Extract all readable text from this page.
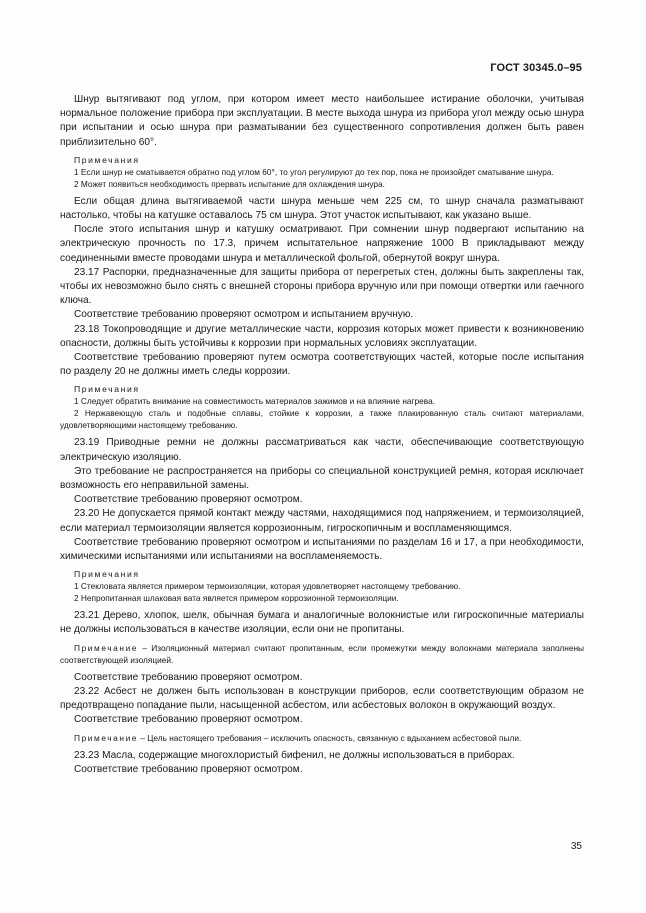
ГОСТ 30345.0–95

Шнур вытягивают под углом, при котором имеет место наибольшее истирание оболочки, учитывая нормальное положение прибора при эксплуатации. В месте выхода шнура из прибора угол между осью шнура при испытании и осью шнура при разматывании без существенного сопротивления должен быть равен приблизительно 60°.

Примечания

1 Если шнур не сматывается обратно под углом 60°, то угол регулируют до тех пор, пока не произойдет сматывание шнура.

2 Может появиться необходимость прервать испытание для охлаждения шнура.

Если общая длина вытягиваемой части шнура меньше чем 225 см, то шнур сначала разматывают настолько, чтобы на катушке оставалось 75 см шнура. Этот участок испытывают, как указано выше.

После этого испытания шнур и катушку осматривают. При сомнении шнур подвергают испытанию на электрическую прочность по 17.3, причем испытательное напряжение 1000 В прикладывают между соединенными вместе проводами шнура и металлической фольгой, обернутой вокруг шнура.

23.17 Распорки, предназначенные для защиты прибора от перегретых стен, должны быть закреплены так, чтобы их невозможно было снять с внешней стороны прибора вручную или при помощи отвертки или гаечного ключа.

Соответствие требованию проверяют осмотром и испытанием вручную.

23.18 Токопроводящие и другие металлические части, коррозия которых может привести к возникновению опасности, должны быть устойчивы к коррозии при нормальных условиях эксплуатации.

Соответствие требованию проверяют путем осмотра соответствующих частей, которые после испытания по разделу 20 не должны иметь следы коррозии.

Примечания

1 Следует обратить внимание на совместимость материалов зажимов и на влияние нагрева.

2 Нержавеющую сталь и подобные сплавы, стойкие к коррозии, а также плакированную сталь считают материалами, удовлетворяющими настоящему требованию.

23.19 Приводные ремни не должны рассматриваться как части, обеспечивающие соответствующую электрическую изоляцию.

Это требование не распространяется на приборы со специальной конструкцией ремня, которая исключает возможность его неправильной замены.

Соответствие требованию проверяют осмотром.

23.20 Не допускается прямой контакт между частями, находящимися под напряжением, и термоизоляцией, если материал термоизоляции является коррозионным, гигроскопичным и воспламеняющимся.

Соответствие требованию проверяют осмотром и испытаниями по разделам 16 и 17, а при необходимости, химическими испытаниями или испытаниями на воспламеняемость.

Примечания

1 Стекловата является примером термоизоляции, которая удовлетворяет настоящему требованию.

2 Непропитанная шлаковая вата является примером коррозионной термоизоляции.

23.21 Дерево, хлопок, шелк, обычная бумага и аналогичные волокнистые или гигроскопичные материалы не должны использоваться в качестве изоляции, если они не пропитаны.

Примечание – Изоляционный материал считают пропитанным, если промежутки между волокнами материала заполнены соответствующей изоляцией.

Соответствие требованию проверяют осмотром.

23.22 Асбест не должен быть использован в конструкции приборов, если соответствующим образом не предотвращено попадание пыли, насыщенной асбестом, или асбестовых волокон в окружающий воздух.

Соответствие требованию проверяют осмотром.

Примечание – Цель настоящего требования – исключить опасность, связанную с вдыханием асбестовой пыли.

23.23 Масла, содержащие многохлористый бифенил, не должны использоваться в приборах.

Соответствие требованию проверяют осмотром.

35
